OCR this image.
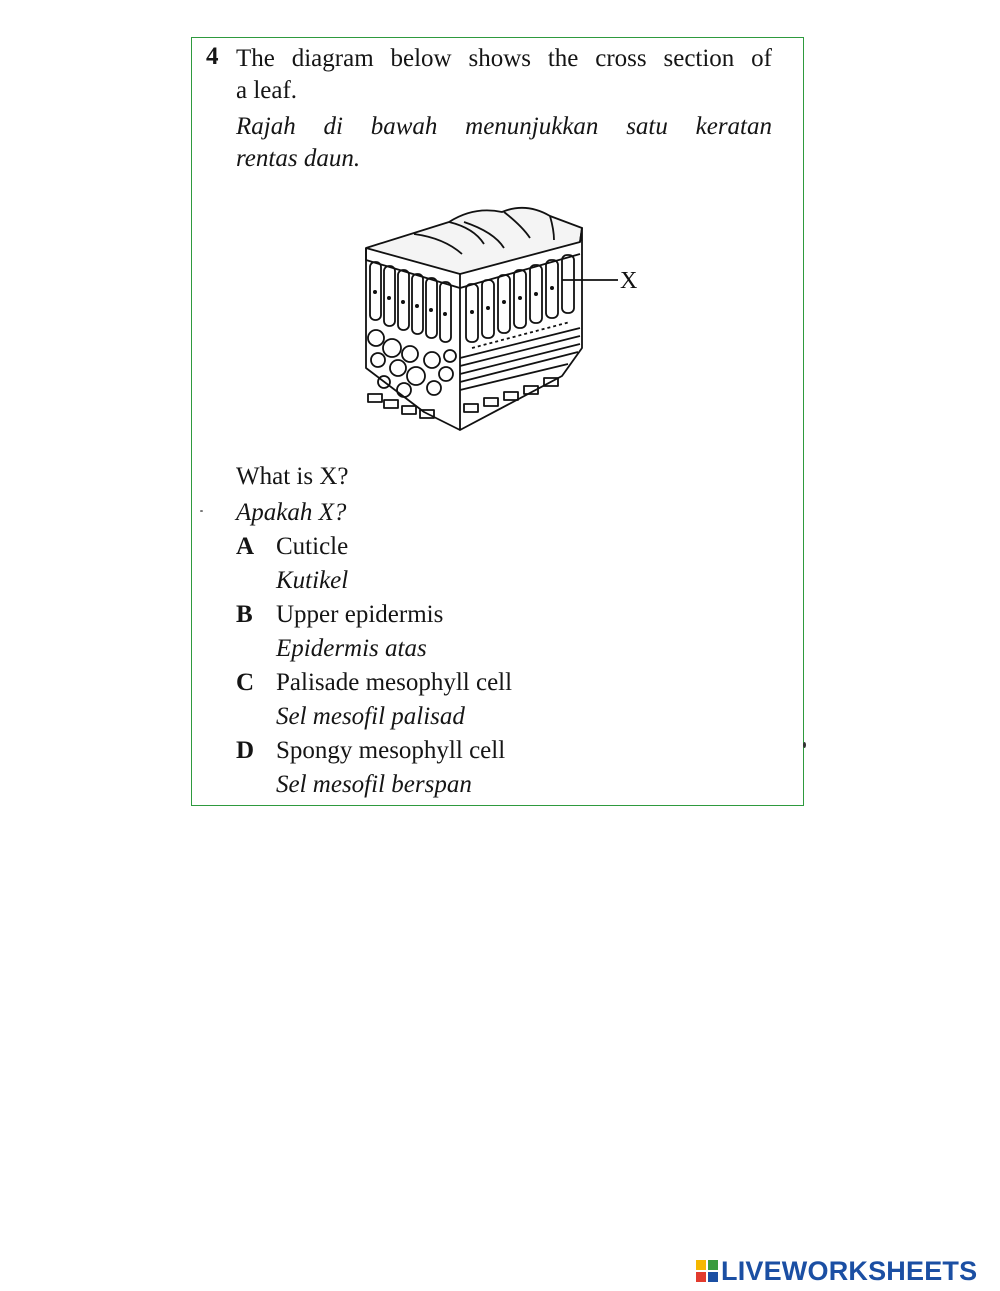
4 The diagram below shows the cross section of
a leaf.
Rajah di bawah menunjukkan satu keratan
rentas daun.
X
What is X?
Apakah X?
A Cuticle
Kutikel
B Upper epidermis
Epidermis atas
C Palisade mesophyll cell
Sel mesofil palisad
D Spongy mesophyll cell
Sel mesofil berspan
LIVEWORKSHEETS
